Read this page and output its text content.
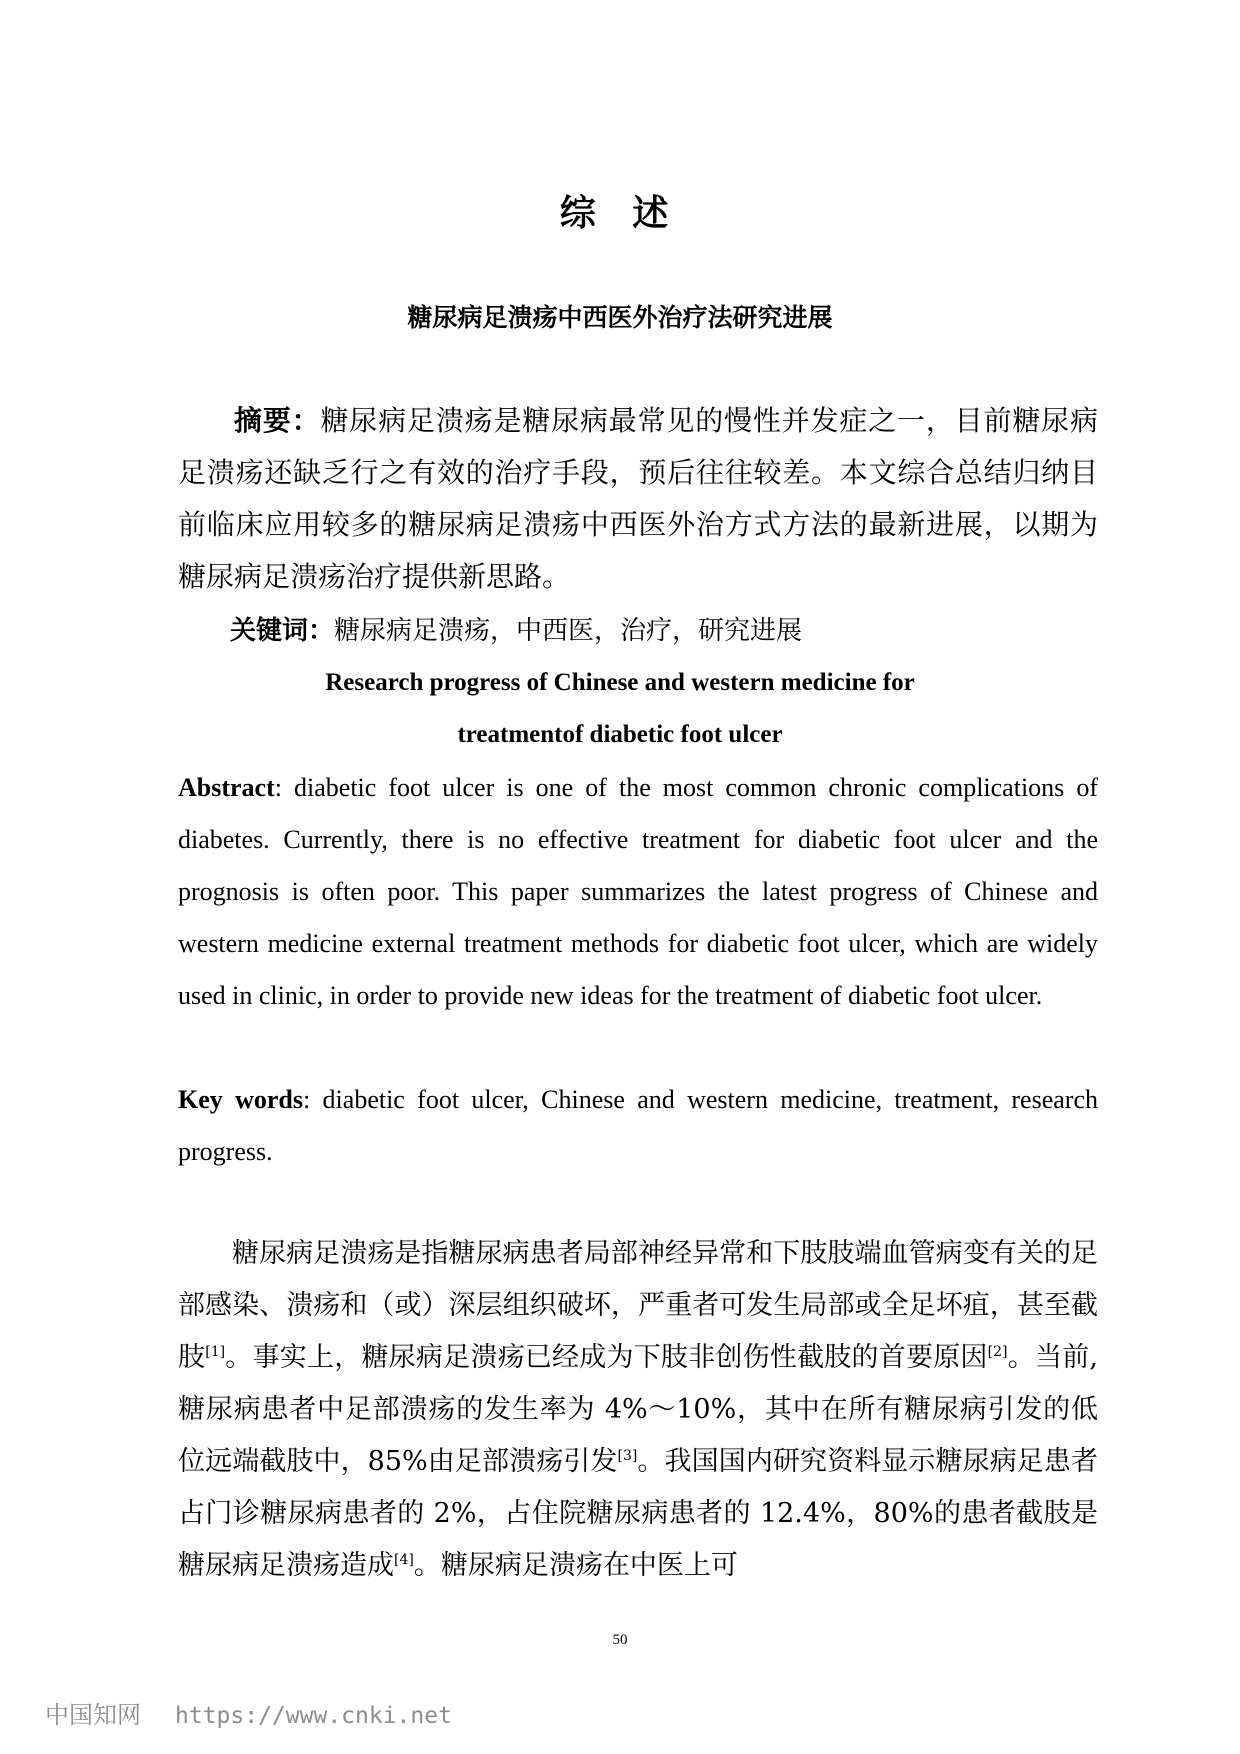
综 述
糖尿病足溃疡中西医外治疗法研究进展

摘要：糖尿病足溃疡是糖尿病最常见的慢性并发症之一，目前糖尿病足溃疡还缺乏行之有效的治疗手段，预后往往较差。本文综合总结归纳目前临床应用较多的糖尿病足溃疡中西医外治方式方法的最新进展，以期为糖尿病足溃疡治疗提供新思路。

关键词：糖尿病足溃疡，中西医，治疗，研究进展
Research progress of Chinese and western medicine for
treatmentof diabetic foot ulcer

Abstract: diabetic foot ulcer is one of the most common chronic complications of diabetes. Currently, there is no effective treatment for diabetic foot ulcer and the prognosis is often poor. This paper summarizes the latest progress of Chinese and western medicine external treatment methods for diabetic foot ulcer, which are widely used in clinic, in order to provide new ideas for the treatment of diabetic foot ulcer.

Key words: diabetic foot ulcer, Chinese and western medicine, treatment, research progress.

糖尿病足溃疡是指糖尿病患者局部神经异常和下肢肢端血管病变有关的足部感染、溃疡和（或）深层组织破坏，严重者可发生局部或全足坏疽，甚至截肢[1]。事实上，糖尿病足溃疡已经成为下肢非创伤性截肢的首要原因[2]。当前,糖尿病患者中足部溃疡的发生率为 4%～10%，其中在所有糖尿病引发的低位远端截肢中，85%由足部溃疡引发[3]。我国国内研究资料显示糖尿病足患者占门诊糖尿病患者的 2%，占住院糖尿病患者的 12.4%，80%的患者截肢是糖尿病足溃疡造成[4]。糖尿病足溃疡在中医上可

50
中国知网 https://www.cnki.net
